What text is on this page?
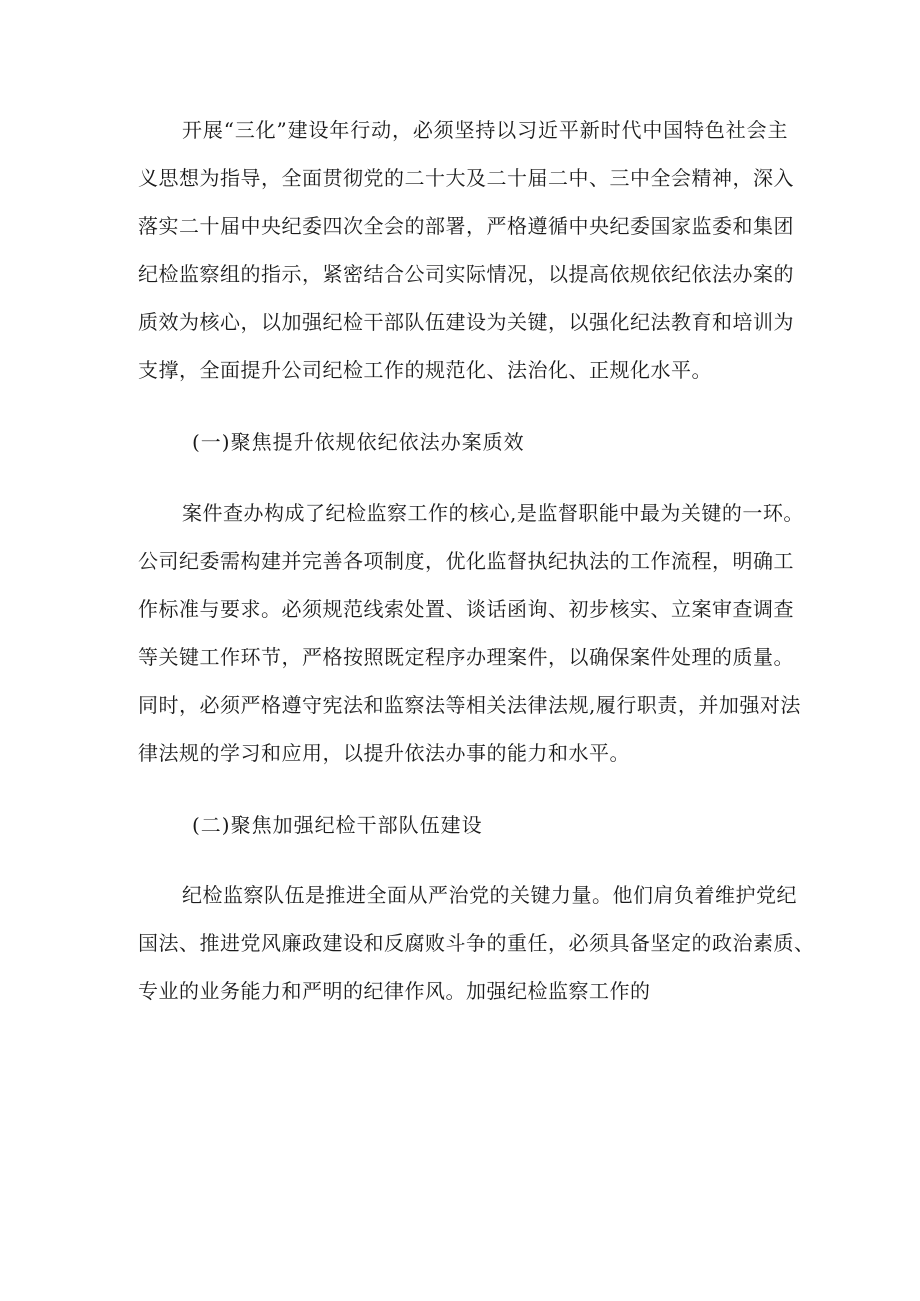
开展“三化”建设年行动，必须坚持以习近平新时代中国特色社会主
义思想为指导，全面贯彻党的二十大及二十届二中、三中全会精神，深入
落实二十届中央纪委四次全会的部署，严格遵循中央纪委国家监委和集团
纪检监察组的指示，紧密结合公司实际情况，以提高依规依纪依法办案的
质效为核心，以加强纪检干部队伍建设为关键，以强化纪法教育和培训为
支撑，全面提升公司纪检工作的规范化、法治化、正规化水平。
(一)聚焦提升依规依纪依法办案质效
案件查办构成了纪检监察工作的核心,是监督职能中最为关键的一环。
公司纪委需构建并完善各项制度，优化监督执纪执法的工作流程，明确工
作标准与要求。必须规范线索处置、谈话函询、初步核实、立案审查调查
等关键工作环节，严格按照既定程序办理案件，以确保案件处理的质量。
同时，必须严格遵守宪法和监察法等相关法律法规,履行职责，并加强对法
律法规的学习和应用，以提升依法办事的能力和水平。
(二)聚焦加强纪检干部队伍建设
纪检监察队伍是推进全面从严治党的关键力量。他们肩负着维护党纪
国法、推进党风廉政建设和反腐败斗争的重任，必须具备坚定的政治素质、
专业的业务能力和严明的纪律作风。加强纪检监察工作的
